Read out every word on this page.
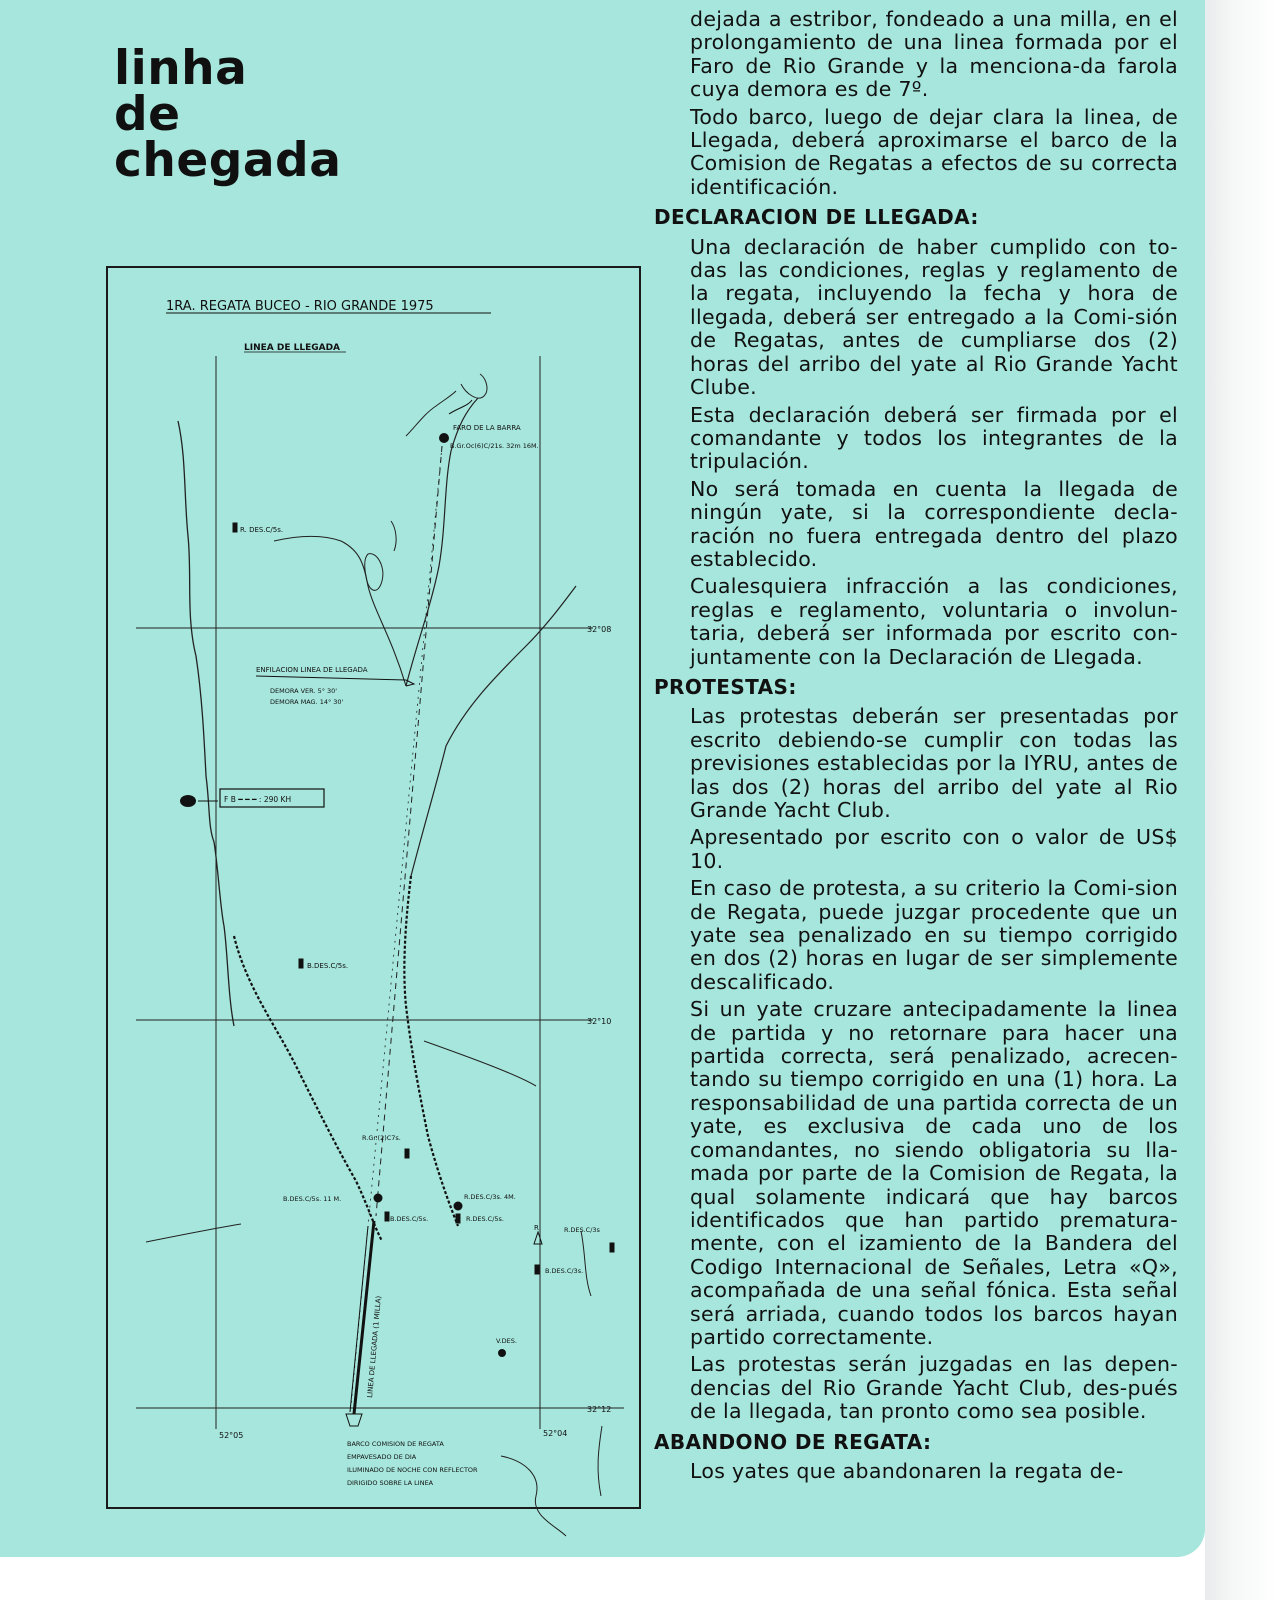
linha
de
chegada
1RA. REGATA BUCEO - RIO GRANDE 1975
LINEA DE LLEGADA
FARO DE LA BARRA
B.Gr.Oc(6)C/21s. 32m 16M.
R. DES.C/5s.
32°08
ENFILACION LINEA DE LLEGADA
DEMORA VER. 5° 30'
DEMORA MAG. 14° 30'
F B ━ ━ ━ : 290 KH
B.DES.C/5s.
32°10
R.Gr.(2)C7s.
B.DES.C/5s. 11 M.	R.DES.C/3s. 4M.
B.DES.C/5s.	R.DES.C/5s.
R.DES.C/3s
R
B.DES.C/3s.
V.DES.
LINEA DE LLEGADA (1 MILLA)
32°12
52°05	52°04
BARCO COMISION DE REGATA
EMPAVESADO DE DIA
ILUMINADO DE NOCHE CON REFLECTOR
DIRIGIDO SOBRE LA LINEA

dejada a estribor, fondeado a una milla, en el prolongamiento de una linea formada por el Faro de Rio Grande y la menciona-da farola cuya demora es de 7º.

Todo barco, luego de dejar clara la linea, de Llegada, deberá aproximarse el barco de la Comision de Regatas a efectos de su correcta identificación.

DECLARACION DE LLEGADA:

Una declaración de haber cumplido con to-das las condiciones, reglas y reglamento de la regata, incluyendo la fecha y hora de llegada, deberá ser entregado a la Comi-sión de Regatas, antes de cumpliarse dos (2) horas del arribo del yate al Rio Grande Yacht Clube.

Esta declaración deberá ser firmada por el comandante y todos los integrantes de la tripulación.

No será tomada en cuenta la llegada de ningún yate, si la correspondiente decla-ración no fuera entregada dentro del plazo establecido.

Cualesquiera infracción a las condiciones, reglas e reglamento, voluntaria o involun-taria, deberá ser informada por escrito con-juntamente con la Declaración de Llegada.

PROTESTAS:

Las protestas deberán ser presentadas por escrito debiendo-se cumplir con todas las previsiones establecidas por la IYRU, antes de las dos (2) horas del arribo del yate al Rio Grande Yacht Club.

Apresentado por escrito con o valor de US$ 10.

En caso de protesta, a su criterio la Comi-sion de Regata, puede juzgar procedente que un yate sea penalizado en su tiempo corrigido en dos (2) horas en lugar de ser simplemente descalificado.

Si un yate cruzare antecipadamente la linea de partida y no retornare para hacer una partida correcta, será penalizado, acrecen-tando su tiempo corrigido en una (1) hora. La responsabilidad de una partida correcta de un yate, es exclusiva de cada uno de los comandantes, no siendo obligatoria su lla-mada por parte de la Comision de Regata, la qual solamente indicará que hay barcos identificados que han partido prematura-mente, con el izamiento de la Bandera del Codigo Internacional de Señales, Letra «Q», acompañada de una señal fónica. Esta señal será arriada, cuando todos los barcos hayan partido correctamente.

Las protestas serán juzgadas en las depen-dencias del Rio Grande Yacht Club, des-pués de la llegada, tan pronto como sea posible.

ABANDONO DE REGATA:

Los yates que abandonaren la regata de-
